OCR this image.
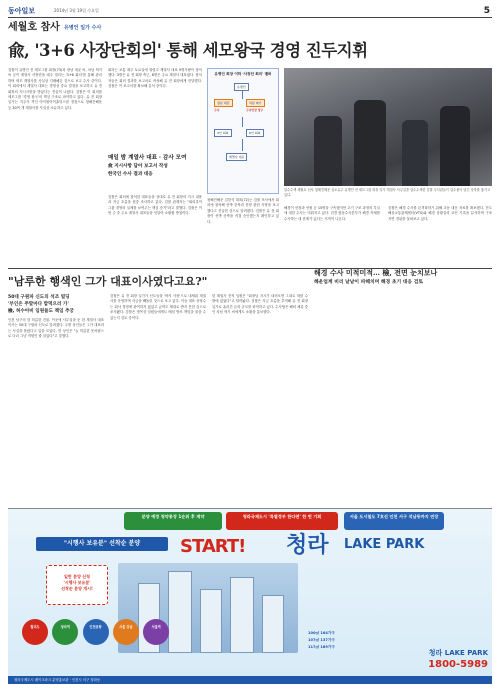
동아일보	2014년 3월 19일 수요일	5
세월호 참사 유병언 일가 수사
兪, '3+6 사장단회의' 통해 세모왕국 경영 진두지휘
검찰이 유병언 전 세모그룹 회장(73)과 장남 대균 씨, 차남 혁기 씨 등이 계열사 사장단을 매주 열리는 '3+6 회의'를 통해 관리하며 세모 계열사를 사실상 지배해온 것으로 보고 수사 중이다. 이 회의에서 계열사 대표는 경영상 중요 결정을 보고하고 유 전 회장의 지시사항을 받았다는 진술이 나왔다. 검찰은 이 회의를 세모그룹 '경영 왕국'의 핵심 구조로 파악하고 있다. 유 전 회장 일가는 지주사 격인 아이원아이홀딩스를 정점으로 청해진해운 등 30여 개 계열사를 사실상 소유하고 있다.
회의는 보통 매주 토요일에 열렸고 계열사 대표 9명가량이 참석했다. 3명은 유 전 회장 측근, 6명은 주요 계열사 대표였다. 참석자들은 회의 결과를 보고서로 작성해 유 전 회장에게 전달했다. 검찰은 이 보고서를 확보해 분석 중이다.

매일 밤 계열사 대표 · 감사 모여

兪 지시사항 담아 보고서 작성

한국인 수사 결과 대응

검찰은 회의에 참석한 대표들을 상대로 유 전 회장의 지시 내용과 자금 흐름을 집중 조사하고 있다. 검찰 관계자는 "회의록이 그룹 경영의 실체를 보여주는 핵심 증거"라고 말했다. 검찰은 이번 주 중 주요 계열사 대표들을 잇달아 소환할 방침이다.
유병언 회장 이하 '사장단 회의' 멤버
유병언
장남 대균	차남 혁기
구속	구속영장 청구
3인 회의	6인 회의
계열사 대표
청해진해운 김한식 대표(72)는 검찰 조사에서 회의에 참석해 선박 증축과 운항 관련 사항을 보고했다고 진술한 것으로 알려졌다. 검찰은 유 전 회장이 선박 증축을 직접 승인했는지 확인하고 있다.
압수수색 세월호 선사 청해진해운 실소유주 유병언 전 세모그룹 회장 일가 계열사 사무실을 압수수색한 검찰 수사관들이 압수품이 담긴 상자를 옮기고 있다.
해경이 선장과 선원 등 15명을 구속했지만 초기 구조 과정의 부실에 대한 수사는 미뤄지고 있다. 검경 합동수사본부가 해경 자체를 수사하는 데 한계가 있다는 지적이 나온다.
검찰은 해경 수사를 본격화하기 위해 초동 대응 자료를 확보했다. 진도 해상교통관제센터(VTS)와 해경 상황실의 교신 기록을 분석하며 구조 지연 경위를 살펴보고 있다.
"남루한 행색인 그가 대표이사였다고요?"

50대 구원파 신도의 석조 빌딩

'부인은 주말마다 밥먹으러 가'

檢, 허수아비 임원들도 책임 추궁

인천 남구의 한 허름한 건물. 이곳에 사무실을 둔 한 계열사 대표이사는 50대 구원파 신도로 알려졌다. 주변 상인들은 그가 대표라는 사실을 몰랐다고 입을 모았다. 한 상인은 "늘 허름한 옷차림으로 다녀 그냥 직원인 줄 알았다"고 말했다.
검찰은 유 전 회장 일가가 신도들을 '바지 사장'으로 내세워 계열사를 운영하며 자금을 빼돌린 것으로 보고 있다. 이들 대표 상당수는 회사 경영에 관여하지 않았고 급여도 제대로 받지 못한 것으로 조사됐다. 검찰은 명목상 임원들에게도 배임 방조 책임을 물을 수 있는지 검토 중이다.
한 계열사 전직 임원은 "회장님 지시가 내려오면 그대로 따를 수밖에 없었다"고 털어놨다. 검찰은 자금 흐름을 추적해 유 전 회장 일가로 흘러간 돈의 규모를 파악하고 있다. 수사팀은 해외 체류 중인 차남 혁기 씨에게도 소환을 통보했다.
해경 수사 미적미적… 檢, 전면 눈치보나
해운업계 비리 낱낱이 파헤치며 해경 초기 대응 검토
분양 예정 청약통장 1순위 후 계약	청라국제도시 '특별정부 한다면' 한 번 기회	서울 도시철도 7호선 인천 서구 석남동까지 연장
"시행사 보유분" 선착순 분양	START! 청라 LAKE PARK
일반 분양 신청
'시행사 보유분'
선착순 분양 개시!
월미도	청라역	인천공항	서울 강남	서울역
100㎡ 164가구
107㎡ 137가구
117㎡ 189가구
청라 LAKE PARK
1800-5989
청라국제도시 레이크파크 분양홍보관 · 인천시 서구 청라동
